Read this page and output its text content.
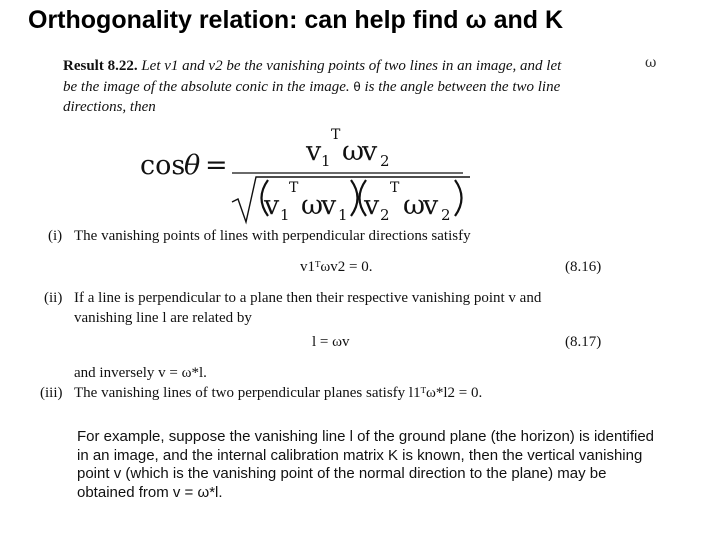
Orthogonality relation: can help find ω and K
ω
Result 8.22. Let v1 and v2 be the vanishing points of two lines in an image, and let
be the image of the absolute conic in the image. θ is the angle between the two line
directions, then
cos
θ =	v 1
T
ω
v 2
v 1
T
ω
v 1 v 2
T
ω
v 2
(i) The vanishing points of lines with perpendicular directions satisfy
v1ᵀωv2 = 0.	(8.16)
(ii) If a line is perpendicular to a plane then their respective vanishing point v and
vanishing line l are related by
l = ωv	(8.17)
and inversely v = ω*l.
(iii) The vanishing lines of two perpendicular planes satisfy l1ᵀω*l2 = 0.
For example, suppose the vanishing line l of the ground plane (the horizon) is identified
in an image, and the internal calibration matrix K is known, then the vertical vanishing
point v (which is the vanishing point of the normal direction to the plane) may be
obtained from v = ω*l.
